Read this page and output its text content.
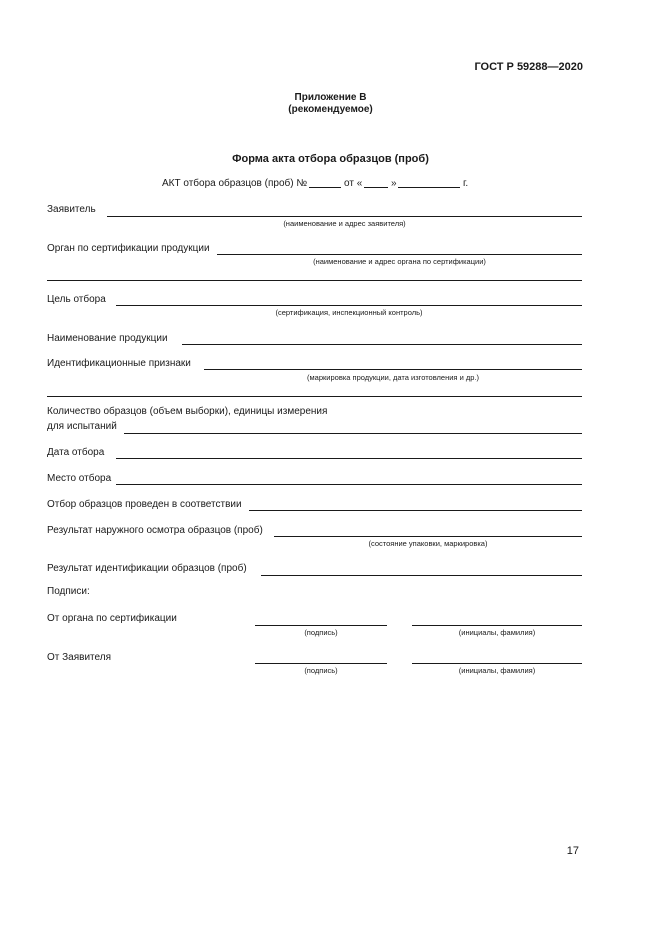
ГОСТ Р 59288—2020
Приложение В
(рекомендуемое)
Форма акта отбора образцов (проб)
АКТ отбора образцов (проб) №	от «	»	г.
Заявитель
(наименование и адрес заявителя)
Орган по сертификации продукции
(наименование и адрес органа по сертификации)
Цель отбора
(сертификация, инспекционный контроль)
Наименование продукции
Идентификационные признаки
(маркировка продукции, дата изготовления и др.)
Количество образцов (объем выборки), единицы измерения
для испытаний
Дата отбора
Место отбора
Отбор образцов проведен в соответствии
Результат наружного осмотра образцов (проб)
(состояние упаковки, маркировка)
Результат идентификации образцов (проб)
Подписи:
От органа по сертификации
(подпись)	(инициалы, фамилия)
От Заявителя
(подпись)	(инициалы, фамилия)
17
